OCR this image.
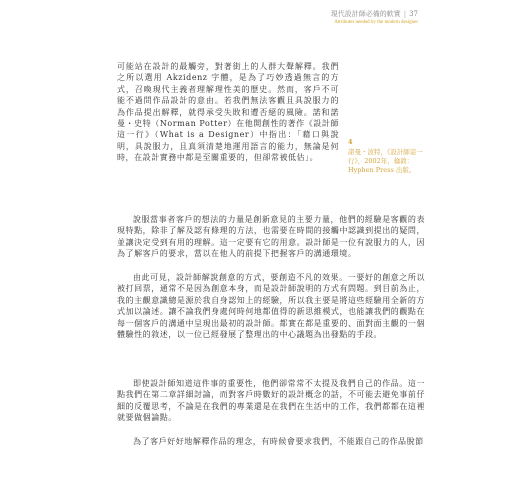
現代設計師必備的軟實 | 37
Attributes needed by the modern designer

可能站在設計的最觸旁，對著街上的人群大聲解釋。我們之所以選用 Akzidenz 字體，是為了巧妙透過無言的方式，召喚現代主義者理解理性美的歷史。然而，客戶不可能不過問作品設計的意由。若我們無法客觀且具說服力的為作品提出解釋，就得承受失敗和遭否絕的風險。諾和諾曼・史特（Norman Potter）在他開創性的著作《設計師這一行》（What is a Designer）中指出：「藉口與說明，具說服力，且真須清楚地運用語言的能力，無論是何時，在設計實務中都是至關重要的，但卻常被低估」。

4
諾曼・波特，《設計師這一行》，2002年，倫敦：Hyphen Press 出版。

說服當事者客戶的想法的力量是創新意見的主要力量，他們的經驗是客觀的表現特點，除非了解及認有條理的方法，也需要在時間的接觸中認識到提出的疑問，並讓決定受到有用的理解。這一定要有它的用意。設計師是一位有說服力的人，因為了解客戶的要求，當以在他人的前提下把握客戶的溝通環境。

由此可見，設計師解說創意的方式，要創造不凡的效果。一要好的創意之所以被打回票，通常不是因為創意本身，而是設計師說明的方式有問題。到目前為止，我的主觀意識總是源於我自身認知上的經驗，所以我主要是將這些經驗用全新的方式加以論述。讓不論我們身處何時何地都值得的新思維模式，也能讓我們的觀點在每一個客戶的溝通中呈現出最初的設計師。都實在都是重要的、面對面主觀的一個體驗性的敘述，以一位已經發展了整理出的中心議題為出發點的手段。

即使設計師知道這件事的重要性，他們卻常常不太提及我們自己的作品。這一點我們在第二章詳細討論，而對客戶時數好的設計概念的話，不可能去避免事前仔細的反覆思考，不論是在我們的專業還是在我們在生活中的工作，我們都都在這裡就要做個論點。

為了客戶好好地解釋作品的理念，有時候會要求我們，不能跟自己的作品脫節
